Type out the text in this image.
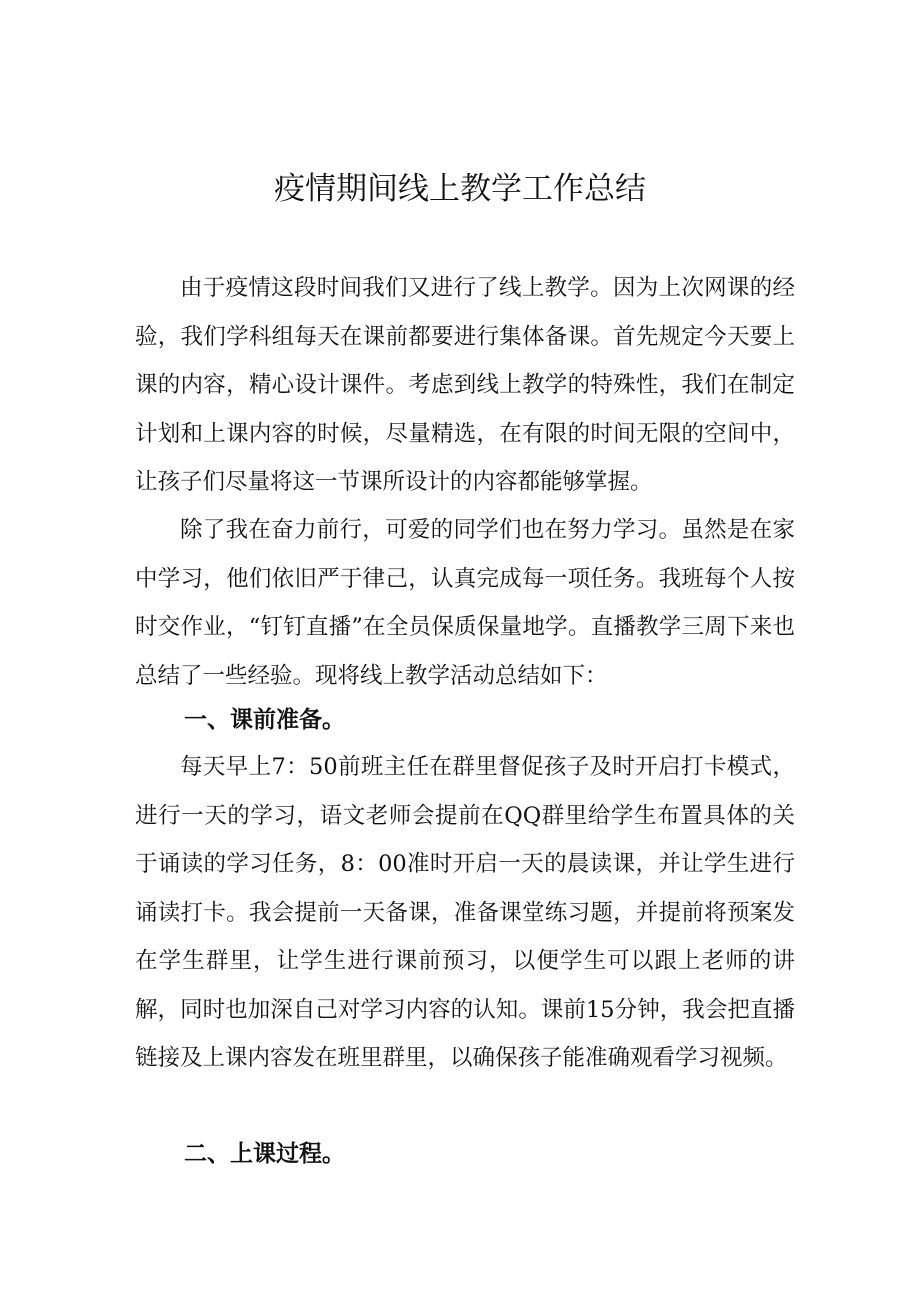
疫情期间线上教学工作总结

由于疫情这段时间我们又进行了线上教学。因为上次网课的经验，我们学科组每天在课前都要进行集体备课。首先规定今天要上课的内容，精心设计课件。考虑到线上教学的特殊性，我们在制定计划和上课内容的时候，尽量精选，在有限的时间无限的空间中，让孩子们尽量将这一节课所设计的内容都能够掌握。

除了我在奋力前行，可爱的同学们也在努力学习。虽然是在家中学习，他们依旧严于律己，认真完成每一项任务。我班每个人按时交作业，“钉钉直播”在全员保质保量地学。直播教学三周下来也总结了一些经验。现将线上教学活动总结如下：

一、课前准备。

每天早上7：50前班主任在群里督促孩子及时开启打卡模式，进行一天的学习，语文老师会提前在QQ群里给学生布置具体的关于诵读的学习任务，8：00准时开启一天的晨读课，并让学生进行诵读打卡。我会提前一天备课，准备课堂练习题，并提前将预案发在学生群里，让学生进行课前预习，以便学生可以跟上老师的讲解，同时也加深自己对学习内容的认知。课前15分钟，我会把直播链接及上课内容发在班里群里，以确保孩子能准确观看学习视频。

二、上课过程。
